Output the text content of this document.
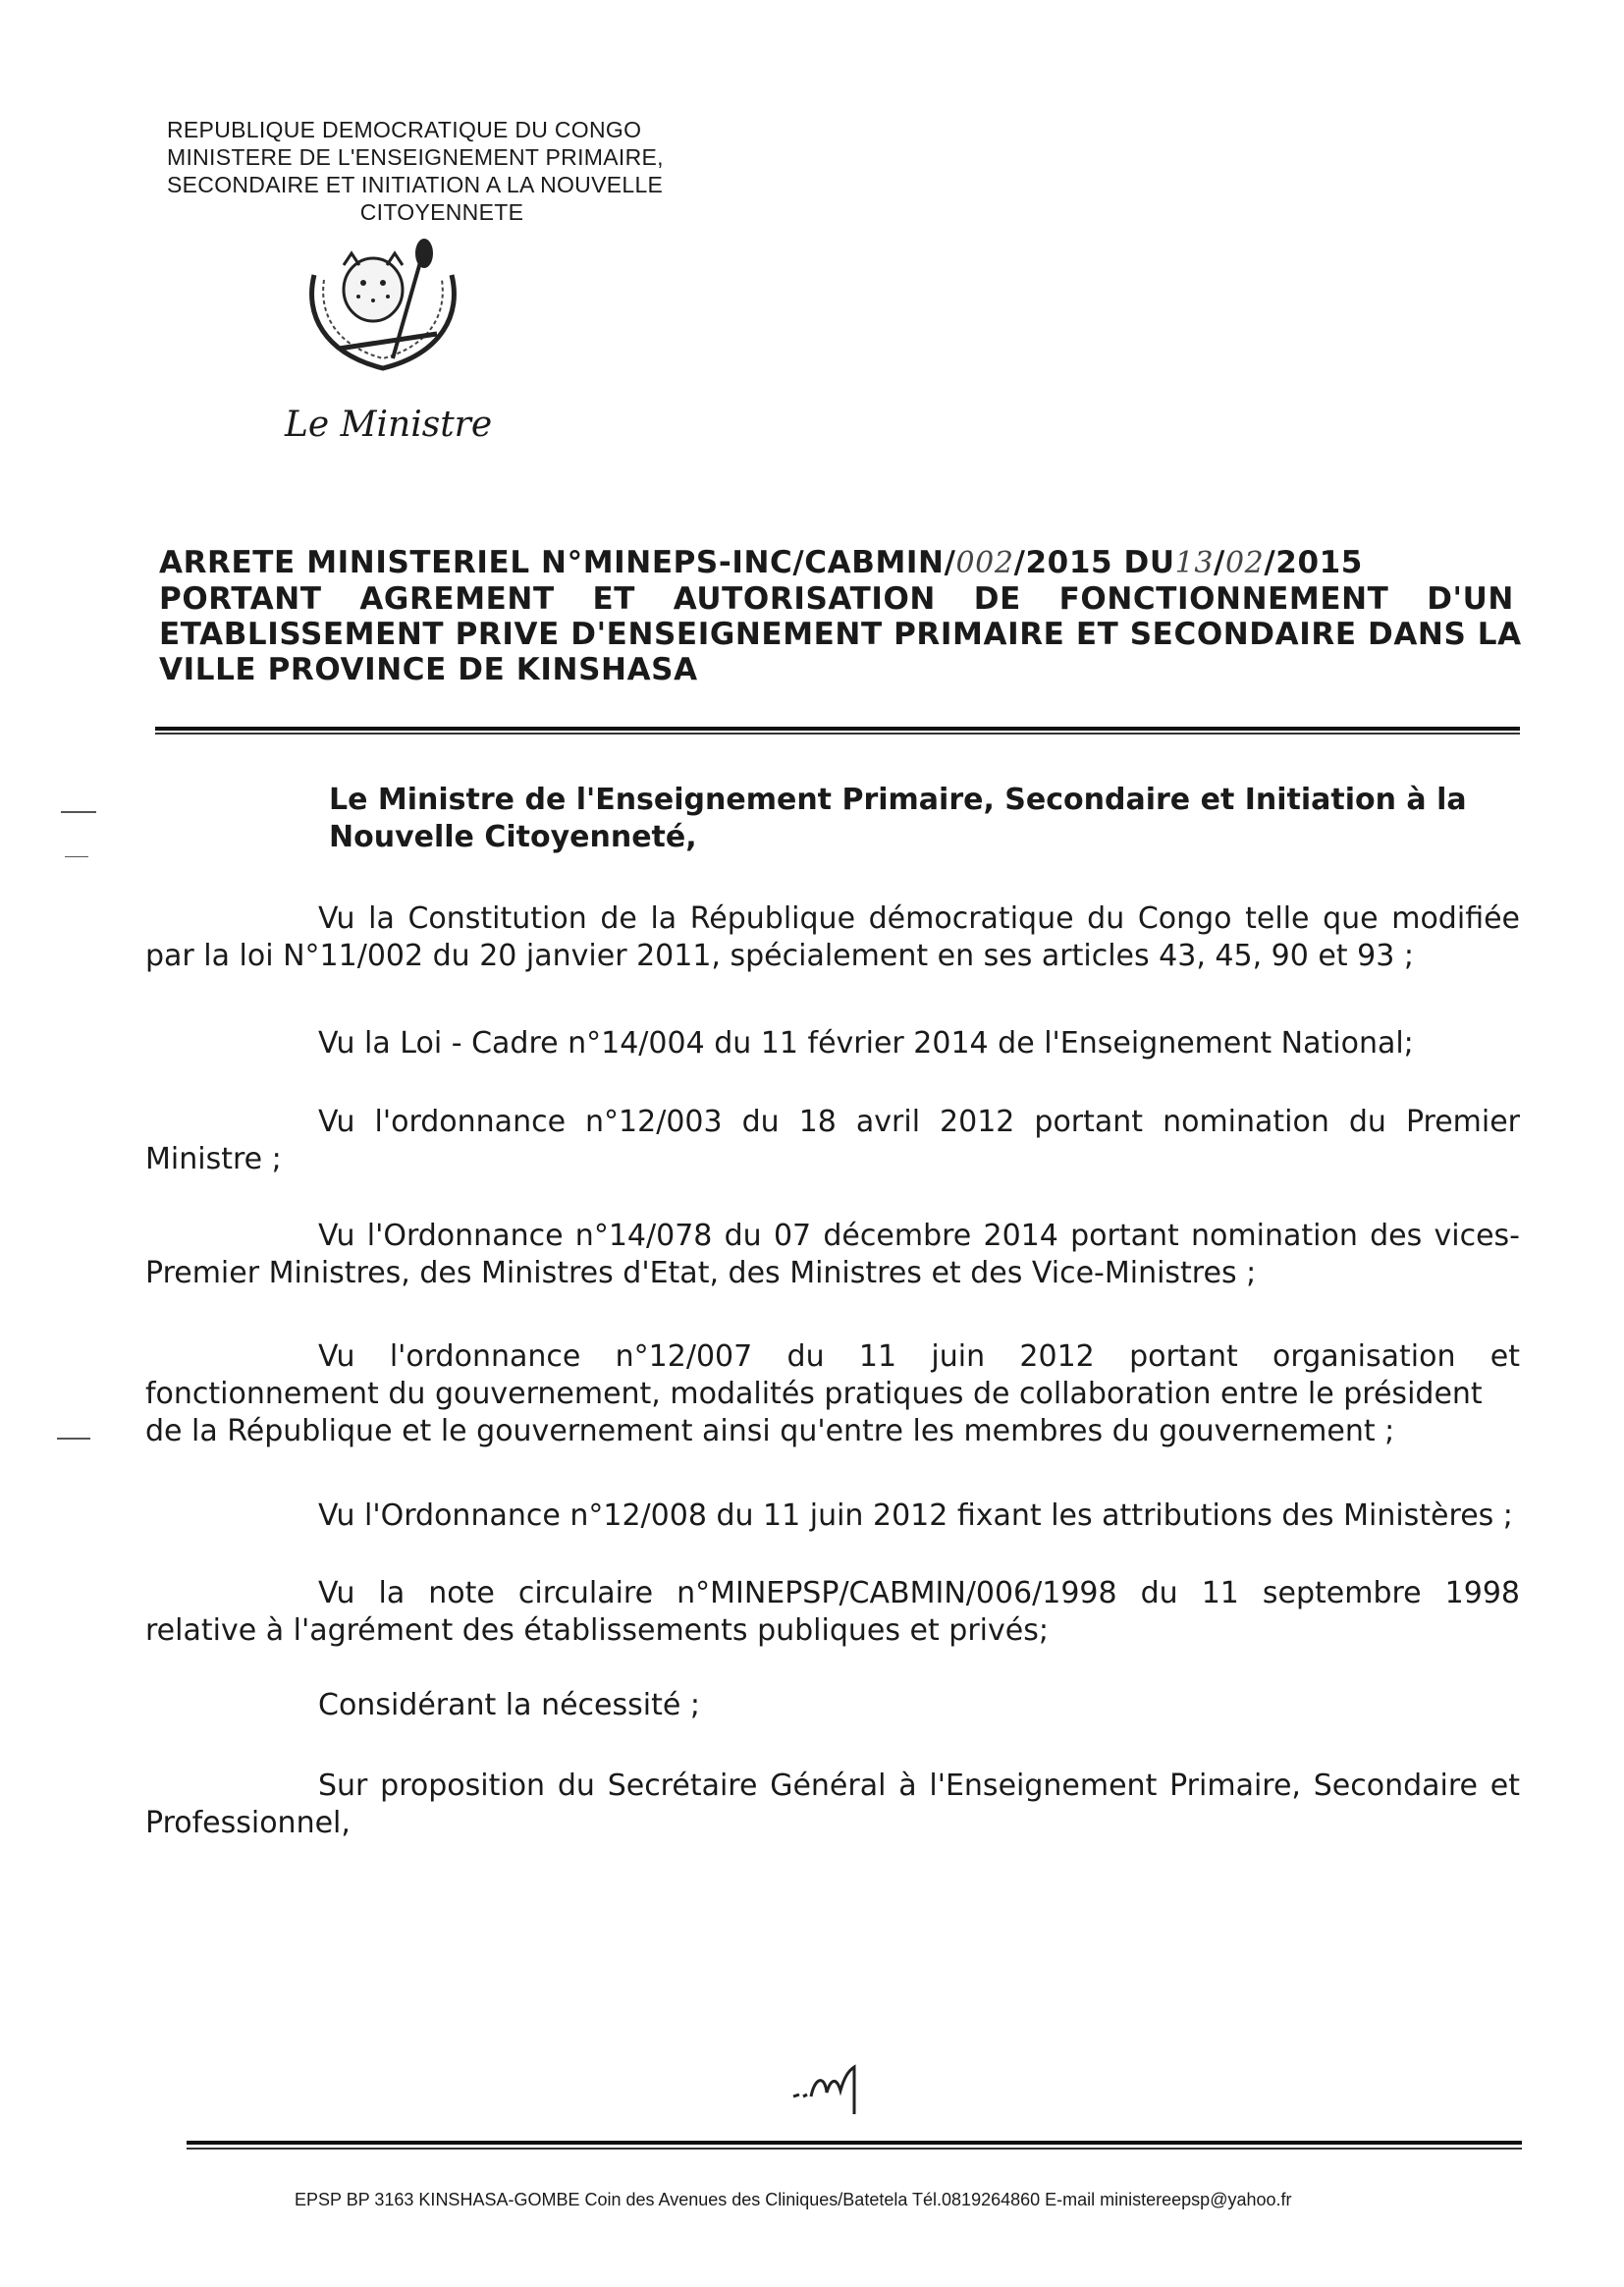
REPUBLIQUE DEMOCRATIQUE DU CONGO
MINISTERE DE L'ENSEIGNEMENT PRIMAIRE,
SECONDAIRE ET INITIATION A LA NOUVELLE
CITOYENNETE
Le Ministre
ARRETE MINISTERIEL N°MINEPS-INC/CABMIN/002/2015 DU13/02/2015
PORTANT AGREMENT ET AUTORISATION DE FONCTIONNEMENT D'UN
ETABLISSEMENT PRIVE D'ENSEIGNEMENT PRIMAIRE ET SECONDAIRE DANS LA
VILLE PROVINCE DE KINSHASA
Le Ministre de l'Enseignement Primaire, Secondaire et Initiation à la Nouvelle Citoyenneté,
Vu la Constitution de la République démocratique du Congo telle que modifiée
par la loi N°11/002 du 20 janvier 2011, spécialement en ses articles 43, 45, 90 et 93 ;
Vu la Loi - Cadre n°14/004 du 11 février 2014 de l'Enseignement National;
Vu l'ordonnance n°12/003 du 18 avril 2012 portant nomination du Premier
Ministre ;
Vu l'Ordonnance n°14/078 du 07 décembre 2014 portant nomination des vices-
Premier Ministres, des Ministres d'Etat, des Ministres et des Vice-Ministres ;
Vu l'ordonnance n°12/007 du 11 juin 2012 portant organisation et
fonctionnement du gouvernement, modalités pratiques de collaboration entre le président de la République et le gouvernement ainsi qu'entre les membres du gouvernement ;
Vu l'Ordonnance n°12/008 du 11 juin 2012 fixant les attributions des Ministères ;
Vu la note circulaire n°MINEPSP/CABMIN/006/1998 du 11 septembre 1998
relative à l'agrément des établissements publiques et privés;
Considérant la nécessité ;
Sur proposition du Secrétaire Général à l'Enseignement Primaire, Secondaire et
Professionnel,
EPSP BP 3163 KINSHASA-GOMBE Coin des Avenues des Cliniques/Batetela Tél.0819264860 E-mail ministereepsp@yahoo.fr
